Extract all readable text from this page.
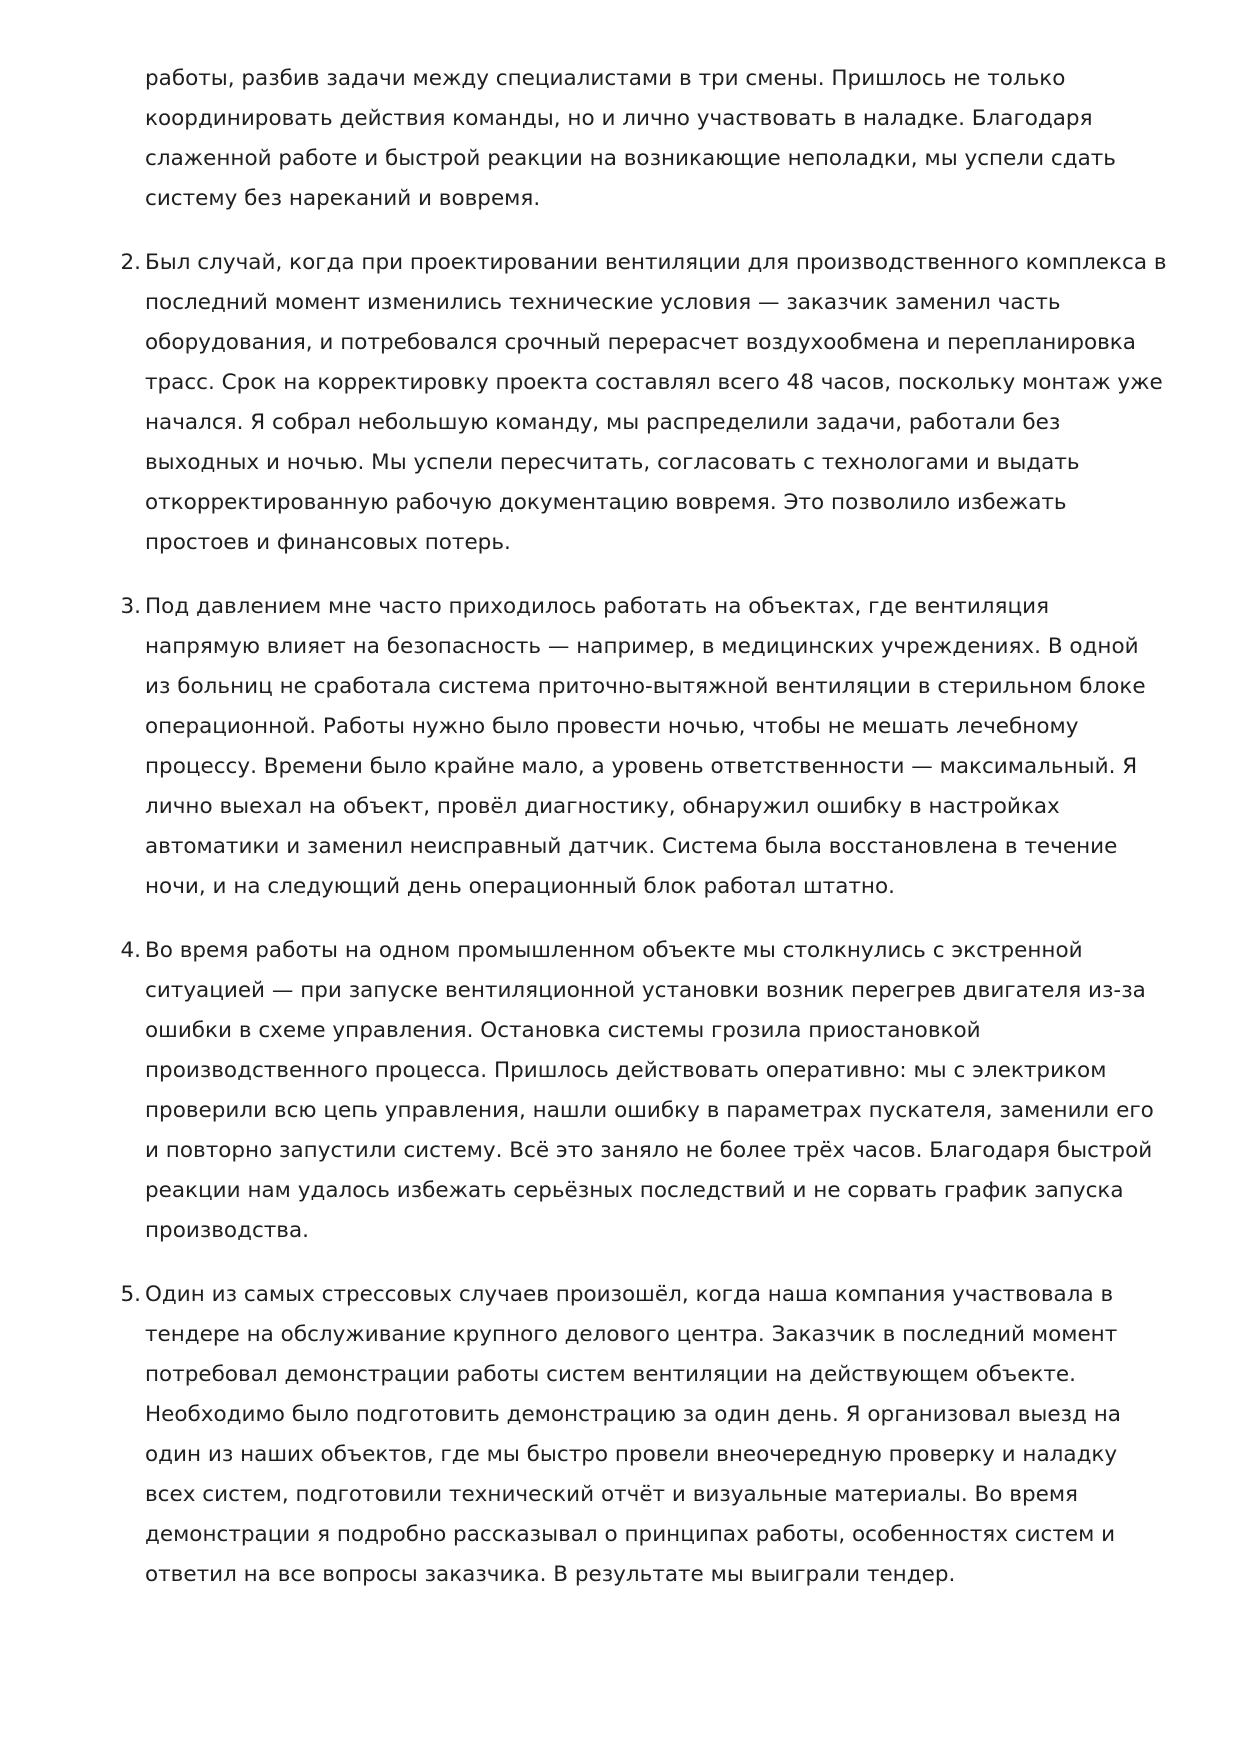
работы, разбив задачи между специалистами в три смены. Пришлось не только координировать действия команды, но и лично участвовать в наладке. Благодаря слаженной работе и быстрой реакции на возникающие неполадки, мы успели сдать систему без нареканий и вовремя.

2. Был случай, когда при проектировании вентиляции для производственного комплекса в последний момент изменились технические условия — заказчик заменил часть оборудования, и потребовался срочный перерасчет воздухообмена и перепланировка трасс. Срок на корректировку проекта составлял всего 48 часов, поскольку монтаж уже начался. Я собрал небольшую команду, мы распределили задачи, работали без выходных и ночью. Мы успели пересчитать, согласовать с технологами и выдать откорректированную рабочую документацию вовремя. Это позволило избежать простоев и финансовых потерь.
3. Под давлением мне часто приходилось работать на объектах, где вентиляция напрямую влияет на безопасность — например, в медицинских учреждениях. В одной из больниц не сработала система приточно-вытяжной вентиляции в стерильном блоке операционной. Работы нужно было провести ночью, чтобы не мешать лечебному процессу. Времени было крайне мало, а уровень ответственности — максимальный. Я лично выехал на объект, провёл диагностику, обнаружил ошибку в настройках автоматики и заменил неисправный датчик. Система была восстановлена в течение ночи, и на следующий день операционный блок работал штатно.
4. Во время работы на одном промышленном объекте мы столкнулись с экстренной ситуацией — при запуске вентиляционной установки возник перегрев двигателя из-за ошибки в схеме управления. Остановка системы грозила приостановкой производственного процесса. Пришлось действовать оперативно: мы с электриком проверили всю цепь управления, нашли ошибку в параметрах пускателя, заменили его и повторно запустили систему. Всё это заняло не более трёх часов. Благодаря быстрой реакции нам удалось избежать серьёзных последствий и не сорвать график запуска производства.
5. Один из самых стрессовых случаев произошёл, когда наша компания участвовала в тендере на обслуживание крупного делового центра. Заказчик в последний момент потребовал демонстрации работы систем вентиляции на действующем объекте. Необходимо было подготовить демонстрацию за один день. Я организовал выезд на один из наших объектов, где мы быстро провели внеочередную проверку и наладку всех систем, подготовили технический отчёт и визуальные материалы. Во время демонстрации я подробно рассказывал о принципах работы, особенностях систем и ответил на все вопросы заказчика. В результате мы выиграли тендер.
